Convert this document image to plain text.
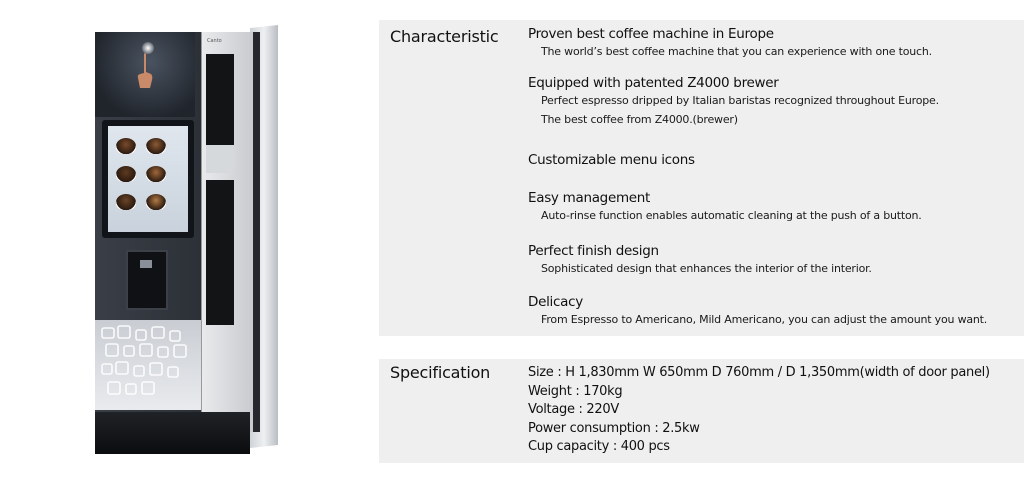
Canto	Characteristic Proven best coffee machine in Europe
The world’s best coffee machine that you can experience with one touch.
Equipped with patented Z4000 brewer
Perfect espresso dripped by Italian baristas recognized throughout Europe.
The best coffee from Z4000.(brewer)
Customizable menu icons
Easy management
Auto-rinse function enables automatic cleaning at the push of a button.
Perfect finish design
Sophisticated design that enhances the interior of the interior.
Delicacy
From Espresso to Americano, Mild Americano, you can adjust the amount you want.
Specification	Size : H 1,830mm W 650mm D 760mm / D 1,350mm(width of door panel)
Weight : 170kg
Voltage : 220V
Power consumption : 2.5kw
Cup capacity : 400 pcs
